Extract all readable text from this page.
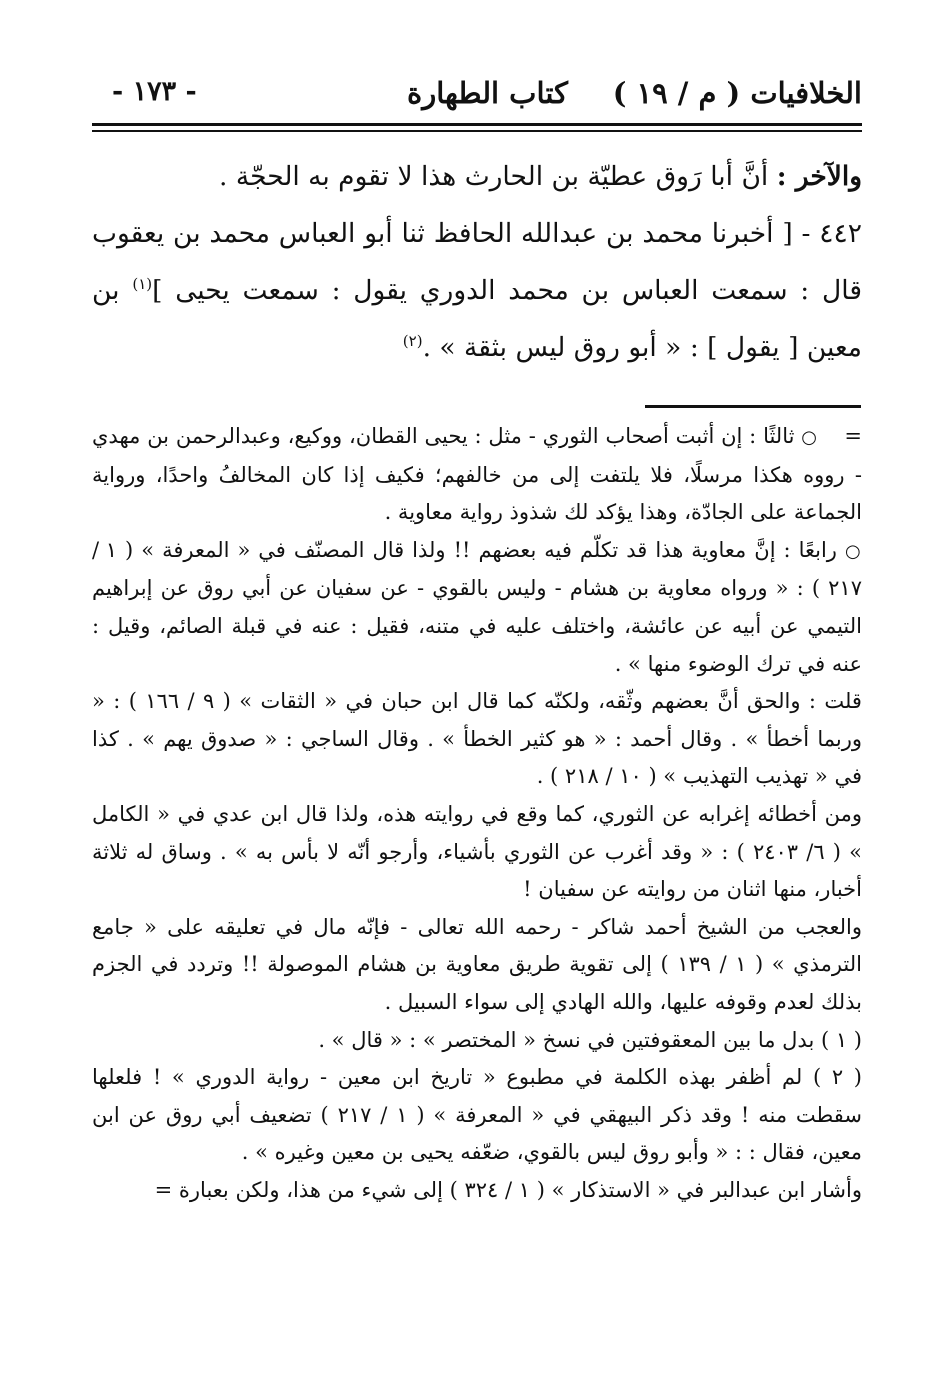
الخلافيات ( م / ١٩ )
كتاب الطهارة
- ١٧٣ -

والآخر : أنَّ أبا رَوق عطيّة بن الحارث هذا لا تقوم به الحجّة .

٤٤٢ - [ أخبرنا محمد بن عبدالله الحافظ ثنا أبو العباس محمد بن يعقوب قال : سمعت العباس بن محمد الدوري يقول : سمعت يحيى ]$^{(١)}$ بن معين [ يقول ] : « أبو روق ليس بثقة » .$^{(٢)}$

=    ○ ثالثًا : إن أثبت أصحاب الثوري - مثل : يحيى القطان، ووكيع، وعبدالرحمن بن مهدي - رووه هكذا مرسلًا، فلا يلتفت إلى من خالفهم؛ فكيف إذا كان المخالفُ واحدًا، ورواية الجماعة على الجادّة، وهذا يؤكد لك شذوذ رواية معاوية .

○ رابعًا : إنَّ معاوية هذا قد تكلّم فيه بعضهم !! ولذا قال المصنّف في « المعرفة » ( ١ / ٢١٧ ) : « ورواه معاوية بن هشام - وليس بالقوي - عن سفيان عن أبي روق عن إبراهيم التيمي عن أبيه عن عائشة، واختلف عليه في متنه، فقيل : عنه في قبلة الصائم، وقيل : عنه في ترك الوضوء منها » .

قلت : والحق أنَّ بعضهم وثّقه، ولكنّه كما قال ابن حبان في « الثقات » ( ٩ / ١٦٦ ) : « وربما أخطأ » . وقال أحمد : « هو كثير الخطأ » . وقال الساجي : « صدوق يهم » . كذا في « تهذيب التهذيب » ( ١٠ / ٢١٨ ) .

ومن أخطائه إغرابه عن الثوري، كما وقع في روايته هذه، ولذا قال ابن عدي في « الكامل » ( ٦/ ٢٤٠٣ ) : « وقد أغرب عن الثوري بأشياء، وأرجو أنّه لا بأس به » . وساق له ثلاثة أخبار، منها اثنان من روايته عن سفيان !

والعجب من الشيخ أحمد شاكر - رحمه الله تعالى - فإنّه مال في تعليقه على « جامع الترمذي » ( ١ / ١٣٩ ) إلى تقوية طريق معاوية بن هشام الموصولة !! وتردد في الجزم بذلك لعدم وقوفه عليها، والله الهادي إلى سواء السبيل .

( ١ ) بدل ما بين المعقوفتين في نسخ « المختصر » : « قال » .

( ٢ ) لم أظفر بهذه الكلمة في مطبوع « تاريخ ابن معين - رواية الدوري » ! فلعلها سقطت منه ! وقد ذكر البيهقي في « المعرفة » ( ١ / ٢١٧ ) تضعيف أبي روق عن ابن معين، فقال : : « وأبو روق ليس بالقوي، ضعّفه يحيى بن معين وغيره » .

وأشار ابن عبدالبر في « الاستذكار » ( ١ / ٣٢٤ ) إلى شيء من هذا، ولكن بعبارة =
